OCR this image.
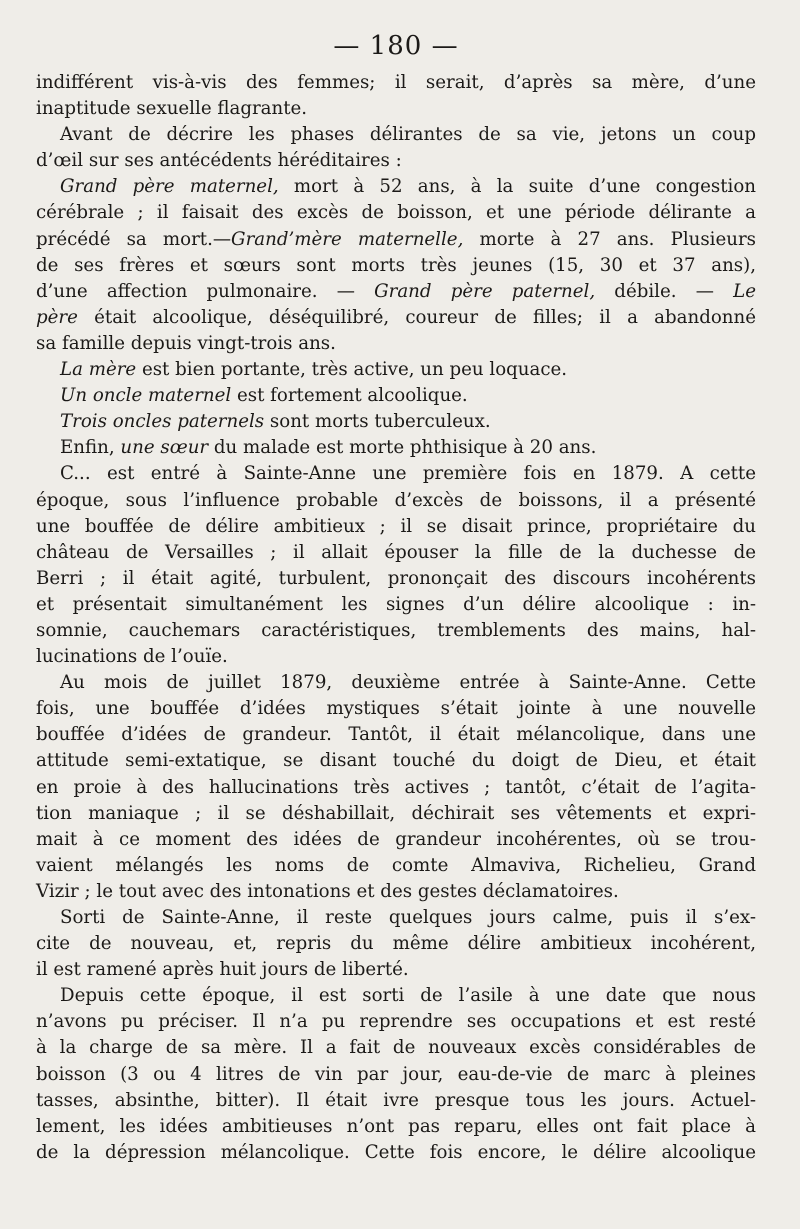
— 180 —
indifférent vis-à-vis des femmes; il serait, d’après sa mère, d’une
inaptitude sexuelle flagrante.
Avant de décrire les phases délirantes de sa vie, jetons un coup
d’œil sur ses antécédents héréditaires :
Grand père maternel, mort à 52 ans, à la suite d’une congestion
cérébrale ; il faisait des excès de boisson, et une période délirante a
précédé sa mort.—Grand’mère maternelle, morte à 27 ans. Plusieurs
de ses frères et sœurs sont morts très jeunes (15, 30 et 37 ans),
d’une affection pulmonaire. — Grand père paternel, débile. — Le
père était alcoolique, déséquilibré, coureur de filles; il a abandonné
sa famille depuis vingt-trois ans.
La mère est bien portante, très active, un peu loquace.
Un oncle maternel est fortement alcoolique.
Trois oncles paternels sont morts tuberculeux.
Enfin, une sœur du malade est morte phthisique à 20 ans.
C... est entré à Sainte-Anne une première fois en 1879. A cette
époque, sous l’influence probable d’excès de boissons, il a présenté
une bouffée de délire ambitieux ; il se disait prince, propriétaire du
château de Versailles ; il allait épouser la fille de la duchesse de
Berri ; il était agité, turbulent, prononçait des discours incohérents
et présentait simultanément les signes d’un délire alcoolique : in-
somnie, cauchemars caractéristiques, tremblements des mains, hal-
lucinations de l’ouïe.
Au mois de juillet 1879, deuxième entrée à Sainte-Anne. Cette
fois, une bouffée d’idées mystiques s’était jointe à une nouvelle
bouffée d’idées de grandeur. Tantôt, il était mélancolique, dans une
attitude semi-extatique, se disant touché du doigt de Dieu, et était
en proie à des hallucinations très actives ; tantôt, c’était de l’agita-
tion maniaque ; il se déshabillait, déchirait ses vêtements et expri-
mait à ce moment des idées de grandeur incohérentes, où se trou-
vaient mélangés les noms de comte Almaviva, Richelieu, Grand
Vizir ; le tout avec des intonations et des gestes déclamatoires.
Sorti de Sainte-Anne, il reste quelques jours calme, puis il s’ex-
cite de nouveau, et, repris du même délire ambitieux incohérent,
il est ramené après huit jours de liberté.
Depuis cette époque, il est sorti de l’asile à une date que nous
n’avons pu préciser. Il n’a pu reprendre ses occupations et est resté
à la charge de sa mère. Il a fait de nouveaux excès considérables de
boisson (3 ou 4 litres de vin par jour, eau-de-vie de marc à pleines
tasses, absinthe, bitter). Il était ivre presque tous les jours. Actuel-
lement, les idées ambitieuses n’ont pas reparu, elles ont fait place à
de la dépression mélancolique. Cette fois encore, le délire alcoolique
